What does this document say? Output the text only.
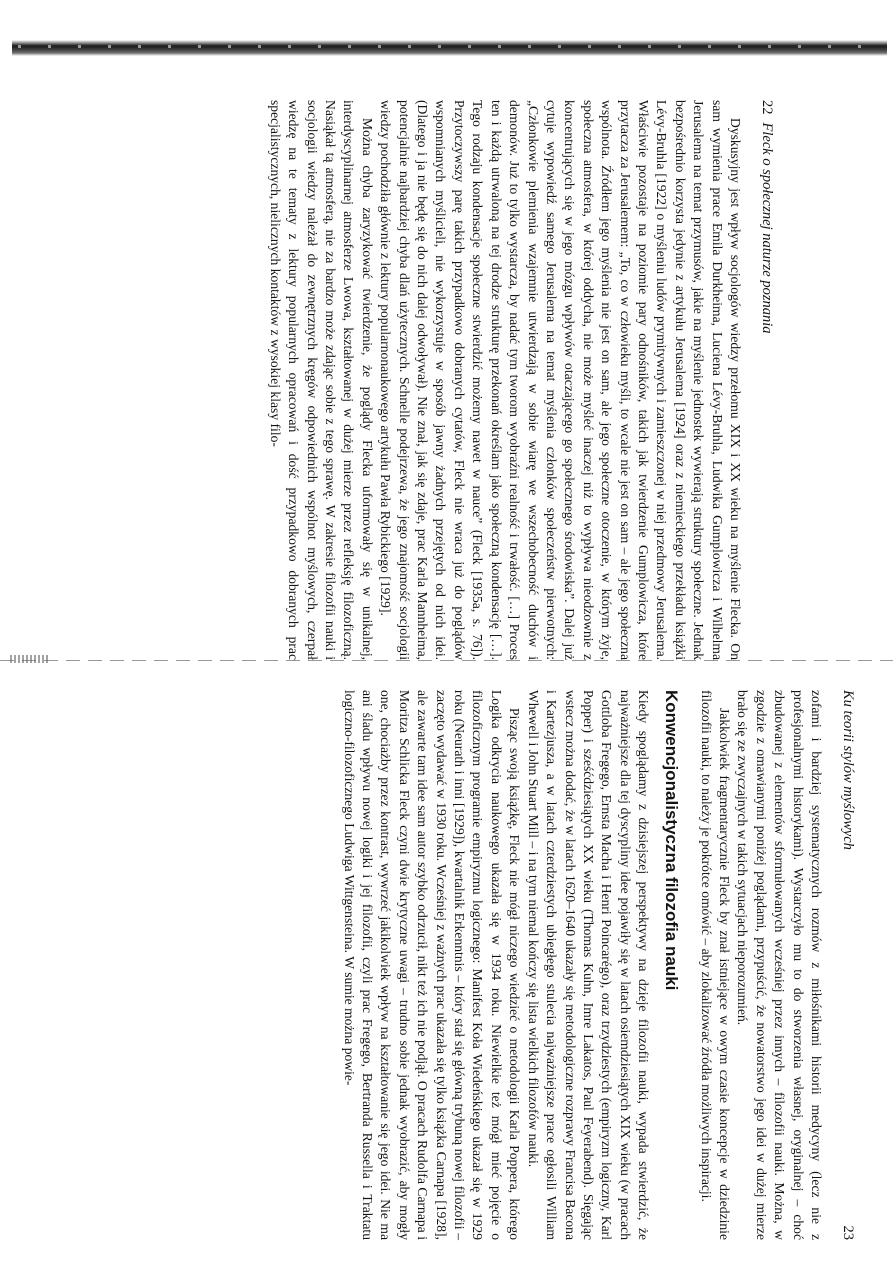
22
Fleck o społecznej naturze poznania

Dyskusyjny jest wpływ socjologów wiedzy przełomu XIX i XX wieku na myślenie Flecka. On sam wymienia prace Emila Durkheima, Luciena Lévy-Bruhla, Ludwika Gumplowicza i Wilhelma Jerusalema na temat przymusów, jakie na myślenie jednostek wywierają struktury społeczne. Jednak bezpośrednio korzysta jedynie z artykułu Jerusalema [1924] oraz z niemieckiego przekładu książki Lévy-Bruhla [1922] o myśleniu ludów prymitywnych i zamieszczonej w niej przedmowy Jerusalema. Właściwie pozostaje na poziomie pary odnośników, takich jak twierdzenie Gumplowicza, które przytacza za Jerusalemem: „To, co w człowieku myśli, to wcale nie jest on sam – ale jego społeczna wspólnota. Źródłem jego myślenia nie jest on sam, ale jego społeczne otoczenie, w którym żyje, społeczna atmosfera, w której oddycha, nie może myśleć inaczej niż to wypływa nieodzownie z koncentrujących się w jego mózgu wpływów otaczającego go społecznego środowiska”. Dalej już cytuje wypowiedź samego Jerusalema na temat myślenia członków społeczeństw pierwotnych: „Członkowie plemienia wzajemnie utwierdzają w sobie wiarę we wszechobecność duchów i demonów. Już to tylko wystarcza, by nadać tym tworom wyobraźni realność i trwałość. […] Proces ten i każdą utrwaloną na tej drodze strukturę przekonań określam jako społeczną kondensację […]. Tego rodzaju kondensacje społeczne stwierdzić możemy nawet w nauce” (Fleck [1935a, s. 76]). Przytoczywszy parę takich przypadkowo dobranych cytatów, Fleck nie wraca już do poglądów wspomnianych myślicieli, nie wykorzystuje w sposób jawny żadnych przejętych od nich idei. (Dlatego i ja nie będę się do nich dalej odwoływał). Nie znał, jak się zdaje, prac Karla Mannheima, potencjalnie najbardziej chyba dlań użytecznych. Schnelle podejrzewa, że jego znajomość socjologii wiedzy pochodziła głównie z lektury popularnonaukowego artykułu Pawła Rybickiego [1929].

Można chyba zaryzykować twierdzenie, że poglądy Flecka uformowały się w unikalnej, interdyscyplinarnej atmosferze Lwowa, kształtowanej w dużej mierze przez refleksję filozoficzną. Nasiąkał tą atmosferą, nie za bardzo może zdając sobie z tego sprawę. W zakresie filozofii nauki i socjologii wiedzy należał do zewnętrznych kręgów odpowiednich wspólnot myślowych, czerpał wiedzę na te tematy z lektury popularnych opracowań i dość przypadkowo dobranych prac specjalistycznych, nielicznych kontaktów z wysokiej klasy filo-

Ku teorii stylów myślowych
23

zofami i bardziej systematycznych rozmów z miłośnikami historii medycyny (lecz nie z profesjonalnymi historykami). Wystarczyło mu to do stworzenia własnej, oryginalnej – choć zbudowanej z elementów sformułowanych wcześniej przez innych – filozofii nauki. Można, w zgodzie z omawianymi poniżej poglądami, przypuścić, że nowatorstwo jego idei w dużej mierze brało się ze zwyczajnych w takich sytuacjach nieporozumień.

Jakkolwiek fragmentarycznie Fleck by znał istniejące w owym czasie koncepcje w dziedzinie filozofii nauki, to należy je pokrótce omówić – aby zlokalizować źródła możliwych inspiracji.

Konwencjonalistyczna filozofia nauki

Kiedy spoglądamy z dzisiejszej perspektywy na dzieje filozofii nauki, wypada stwierdzić, że najważniejsze dla tej dyscypliny idee pojawiły się w latach osiemdziesiątych XIX wieku (w pracach Gottloba Fregego, Ernsta Macha i Henri Poincarégo), oraz trzydziestych (empiryzm logiczny, Karl Popper) i sześćdziesiątych XX wieku (Thomas Kuhn, Imre Lakatos, Paul Feyerabend). Sięgając wstecz można dodać, że w latach 1620–1640 ukazały się metodologiczne rozprawy Francisa Bacona i Kartezjusza, a w latach czterdziestych ubiegłego stulecia najważniejsze prace ogłosili William Whewell i John Stuart Mill – i na tym niemal kończy się lista wielkich filozofów nauki.

Pisząc swoją książkę, Fleck nie mógł niczego wiedzieć o metodologii Karla Poppera, którego Logika odkrycia naukowego ukazała się w 1934 roku. Niewielkie też mógł mieć pojęcie o filozoficznym programie empiryzmu logicznego: Manifest Koła Wiedeńskiego ukazał się w 1929 roku (Neurath i inni [1929]), kwartalnik Erkenntnis – który stał się główną trybuną nowej filozofii – zaczęto wydawać w 1930 roku. Wcześniej z ważnych prac ukazała się tylko książka Carnapa [1928], ale zawarte tam idee sam autor szybko odrzucił, nikt też ich nie podjął. O pracach Rudolfa Carnapa i Moritza Schlicka Fleck czyni dwie krytyczne uwagi – trudno sobie jednak wyobrazić, aby mogły one, chociażby przez kontrast, wywrzeć jakikolwiek wpływ na kształtowanie się jego idei. Nie ma ani śladu wpływu nowej logiki i jej filozofii, czyli prac Fregego, Bertranda Russella i Traktatu logiczno-filozoficznego Ludwiga Wittgensteina. W sumie można powie-
